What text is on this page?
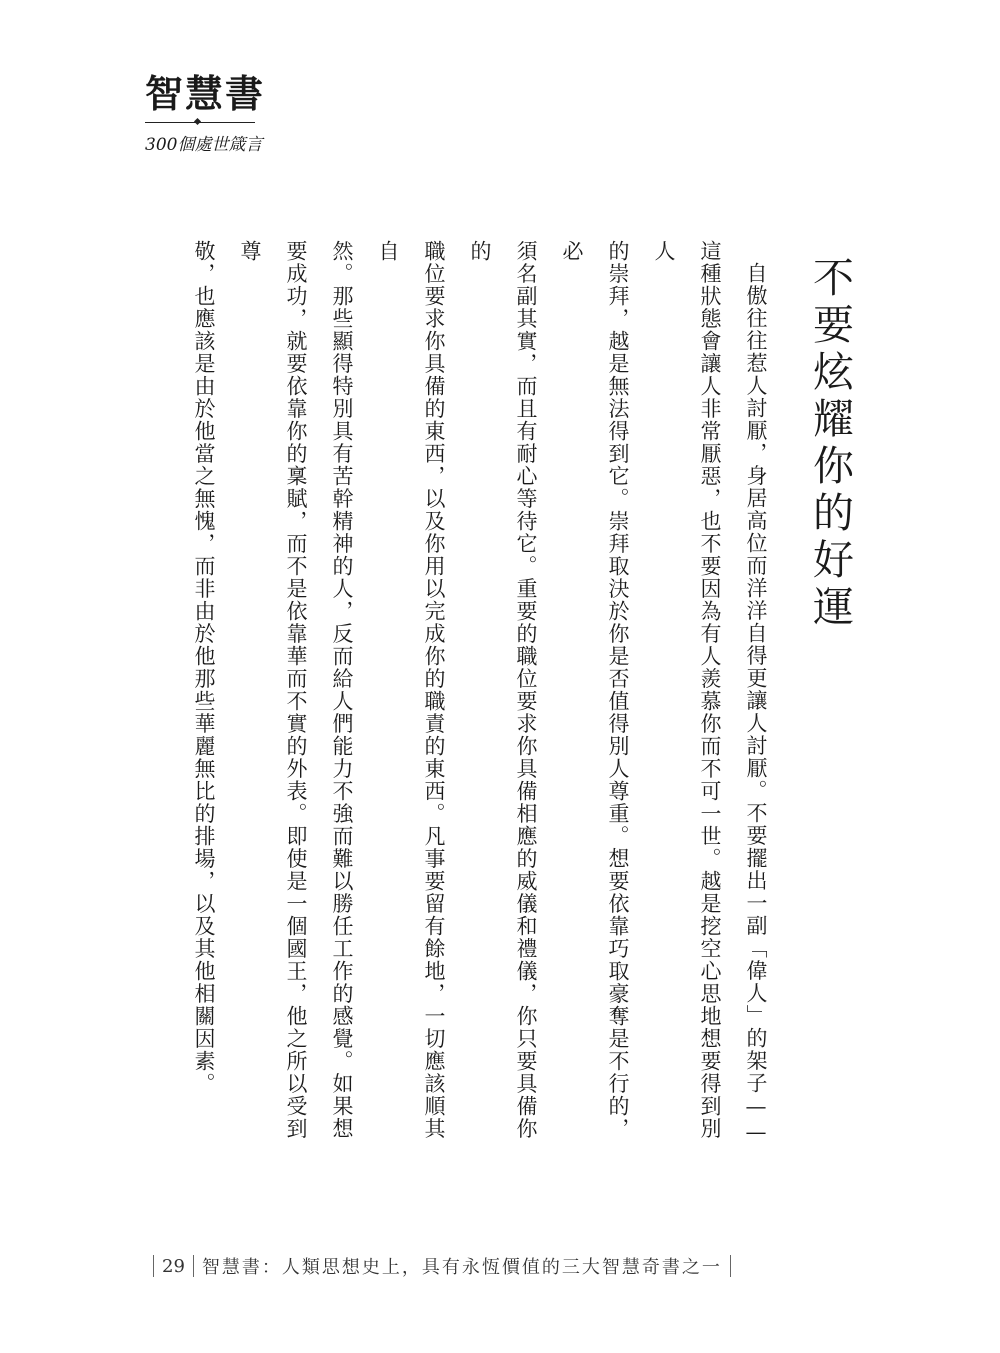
智慧書
300個處世箴言
不要炫耀你的好運

自傲往往惹人討厭，身居高位而洋洋自得更讓人討厭。不要擺出一副「偉人」的架子——

這種狀態會讓人非常厭惡，也不要因為有人羨慕你而不可一世。越是挖空心思地想要得到別人

的崇拜，越是無法得到它。崇拜取決於你是否值得別人尊重。想要依靠巧取豪奪是不行的，必

須名副其實，而且有耐心等待它。重要的職位要求你具備相應的威儀和禮儀，你只要具備你的

職位要求你具備的東西，以及你用以完成你的職責的東西。凡事要留有餘地，一切應該順其自

然。那些顯得特別具有苦幹精神的人，反而給人們能力不強而難以勝任工作的感覺。如果想

要成功，就要依靠你的稟賦，而不是依靠華而不實的外表。即使是一個國王，他之所以受到尊

敬，也應該是由於他當之無愧，而非由於他那些華麗無比的排場，以及其他相關因素。

29 智慧書：人類思想史上，具有永恆價值的三大智慧奇書之一
